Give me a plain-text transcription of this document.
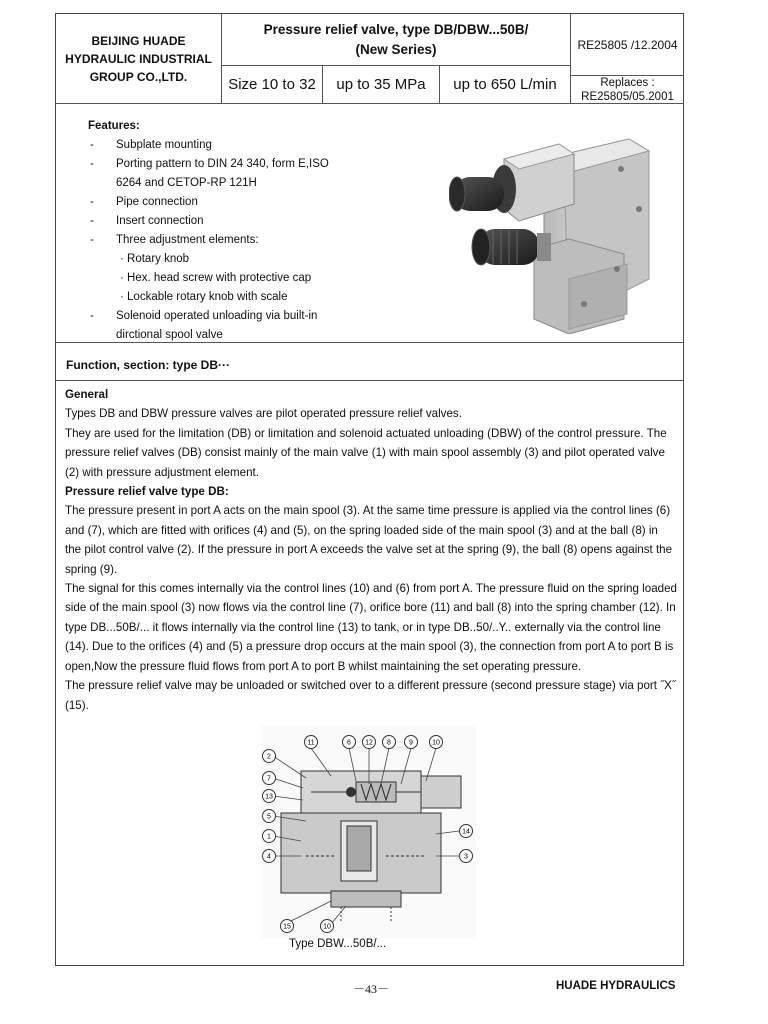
BEIJING HUADE
HYDRAULIC INDUSTRIAL
GROUP CO.,LTD.
Pressure relief valve, type DB/DBW...50B/
(New Series)	RE25805 /12.2004
Size 10 to 32	up to 35 MPa	up to 650 L/min	Replaces :
RE25805/05.2001
Features:
- Subplate mounting
- Porting pattern to DIN 24 340, form E,ISO
6264 and CETOP-RP 121H
- Pipe connection
- Insert connection
- Three adjustment elements:
· Rotary knob
· Hex. head screw with protective cap
· Lockable rotary knob with scale
- Solenoid operated unloading via built-in
dirctional spool valve
Function, section: type DB···

General

Types DB and DBW pressure valves are pilot operated pressure relief valves.

They are used for the limitation (DB) or limitation and solenoid actuated unloading (DBW) of the control pressure. The pressure relief valves (DB) consist mainly of the main valve (1) with main spool assembly (3) and pilot operated valve (2) with pressure adjustment element.

Pressure relief valve type DB:

The pressure present in port A acts on the main spool (3). At the same time pressure is applied via the control lines (6) and (7), which are fitted with orifices (4) and (5), on the spring loaded side of the main spool (3) and at the ball (8) in the pilot control valve (2). If the pressure in port A exceeds the valve set at the spring (9), the ball (8) opens against the spring (9).

The signal for this comes internally via the control lines (10) and (6) from port A. The pressure fluid on the spring loaded side of the main spool (3) now flows via the control line (7), orifice bore (11) and ball (8) into the spring chamber (12). In type DB...50B/... it flows internally via the control line (13) to tank, or in type DB..50/..Y.. externally via the control line (14). Due to the orifices (4) and (5) a pressure drop occurs at the main spool (3), the connection from port A to port B is open,Now the pressure fluid flows from port A to port B whilst maintaining the set operating pressure.

The pressure relief valve may be unloaded or switched over to a different pressure (second pressure stage) via port ˝X˝ (15).

11	6 12 8	9	10
2
7
13
5
1
4
14
3
15	10
Type DBW...50B/...
－43－	HUADE HYDRAULICS
